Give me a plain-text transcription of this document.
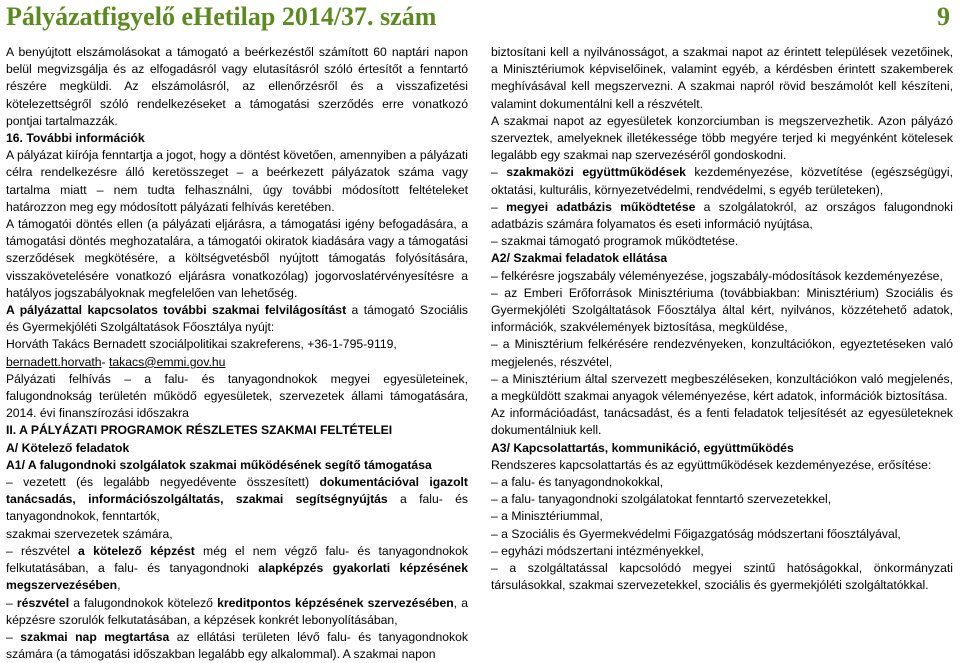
Pályázatfigyelő eHetilap 2014/37. szám	9

A benyújtott elszámolásokat a támogató a beérkezéstől számított 60 naptári napon belül megvizsgálja és az elfogadásról vagy elutasításról szóló értesítőt a fenntartó részére megküldi. Az elszámolásról, az ellenőrzésről és a visszafizetési kötelezettségről szóló rendelkezéseket a támogatási szerződés erre vonatkozó pontjai tartalmazzák.

16. További információk

A pályázat kiírója fenntartja a jogot, hogy a döntést követően, amennyiben a pályázati célra rendelkezésre álló keretösszeget – a beérkezett pályázatok száma vagy tartalma miatt – nem tudta felhasználni, úgy további módosított feltételeket határozzon meg egy módosított pályázati felhívás keretében.

A támogatói döntés ellen (a pályázati eljárásra, a támogatási igény befogadására, a támogatási döntés meghozatalára, a támogatói okiratok kiadására vagy a támogatási szerződések megkötésére, a költségvetésből nyújtott támogatás folyósítására, visszakövetelésére vonatkozó eljárásra vonatkozólag) jogorvoslatérvényesítésre a hatályos jogszabályoknak megfelelően van lehetőség.

A pályázattal kapcsolatos további szakmai felvilágosítást a támogató Szociális és Gyermekjóléti Szolgáltatások Főosztálya nyújt:

Horváth Takács Bernadett szociálpolitikai szakreferens, +36-1-795-9119,

bernadett.horvath- takacs@emmi.gov.hu

Pályázati felhívás – a falu- és tanyagondnokok megyei egyesületeinek, falugondnokság területén működő egyesületek, szervezetek állami támogatására, 2014. évi finanszírozási időszakra

II. A PÁLYÁZATI PROGRAMOK RÉSZLETES SZAKMAI FELTÉTELEI

A/ Kötelező feladatok

A1/ A falugondnoki szolgálatok szakmai működésének segítő támogatása

– vezetett (és legalább negyedévente összesített) dokumentációval igazolt tanácsadás, információszolgáltatás, szakmai segítségnyújtás a falu- és tanyagondnokok, fenntartók,

szakmai szervezetek számára,

– részvétel a kötelező képzést még el nem végző falu- és tanyagondnokok felkutatásában, a falu- és tanyagondnoki alapképzés gyakorlati képzésének megszervezésében,

– részvétel a falugondnokok kötelező kreditpontos képzésének szervezésében, a képzésre szorulók felkutatásában, a képzések konkrét lebonyolításában,

– szakmai nap megtartása az ellátási területen lévő falu- és tanyagondnokok számára (a támogatási időszakban legalább egy alkalommal). A szakmai napon

biztosítani kell a nyilvánosságot, a szakmai napot az érintett települések vezetőinek, a Minisztériumok képviselőinek, valamint egyéb, a kérdésben érintett szakemberek meghívásával kell megszervezni. A szakmai napról rövid beszámolót kell készíteni, valamint dokumentálni kell a részvételt.

A szakmai napot az egyesületek konzorciumban is megszervezhetik. Azon pályázó szerveztek, amelyeknek illetékessége több megyére terjed ki megyénként kötelesek legalább egy szakmai nap szervezéséről gondoskodni.

– szakmaközi együttműködések kezdeményezése, közvetítése (egészségügyi, oktatási, kulturális, környezetvédelmi, rendvédelmi, s egyéb területeken),

– megyei adatbázis működtetése a szolgálatokról, az országos falugondnoki adatbázis számára folyamatos és eseti információ nyújtása,

– szakmai támogató programok működtetése.

A2/ Szakmai feladatok ellátása

– felkérésre jogszabály véleményezése, jogszabály-módosítások kezdeményezése,

– az Emberi Erőforrások Minisztériuma (továbbiakban: Minisztérium) Szociális és Gyermekjóléti Szolgáltatások Főosztálya által kért, nyilvános, közzétehető adatok, információk, szakvélemények biztosítása, megküldése,

– a Minisztérium felkérésére rendezvényeken, konzultációkon, egyeztetéseken való megjelenés, részvétel,

– a Minisztérium által szervezett megbeszéléseken, konzultációkon való megjelenés, a megküldött szakmai anyagok véleményezése, kért adatok, információk biztosítása.

Az információadást, tanácsadást, és a fenti feladatok teljesítését az egyesületeknek dokumentálniuk kell.

A3/ Kapcsolattartás, kommunikáció, együttműködés

Rendszeres kapcsolattartás és az együttműködések kezdeményezése, erősítése:

– a falu- és tanyagondnokokkal,

– a falu- tanyagondnoki szolgálatokat fenntartó szervezetekkel,

– a Minisztériummal,

– a Szociális és Gyermekvédelmi Főigazgatóság módszertani főosztályával,

– egyházi módszertani intézményekkel,

– a szolgáltatással kapcsolódó megyei szintű hatóságokkal, önkormányzati társulásokkal, szakmai szervezetekkel, szociális és gyermekjóléti szolgáltatókkal.
